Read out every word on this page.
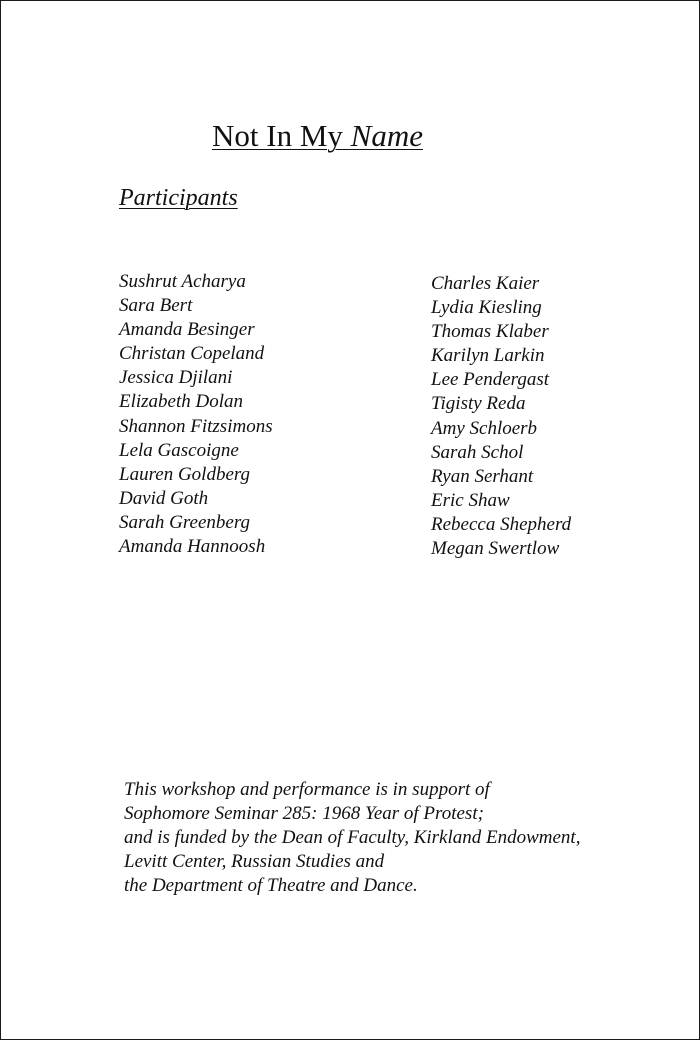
Not In My Name
Participants
Sushrut Acharya
Sara Bert
Amanda Besinger
Christan Copeland
Jessica Djilani
Elizabeth Dolan
Shannon Fitzsimons
Lela Gascoigne
Lauren Goldberg
David Goth
Sarah Greenberg
Amanda Hannoosh
Charles Kaier
Lydia Kiesling
Thomas Klaber
Karilyn Larkin
Lee Pendergast
Tigisty Reda
Amy Schloerb
Sarah Schol
Ryan Serhant
Eric Shaw
Rebecca Shepherd
Megan Swertlow
This workshop and performance is in support of
Sophomore Seminar 285: 1968 Year of Protest;
and is funded by the Dean of Faculty, Kirkland Endowment,
Levitt Center, Russian Studies and
the Department of Theatre and Dance.
